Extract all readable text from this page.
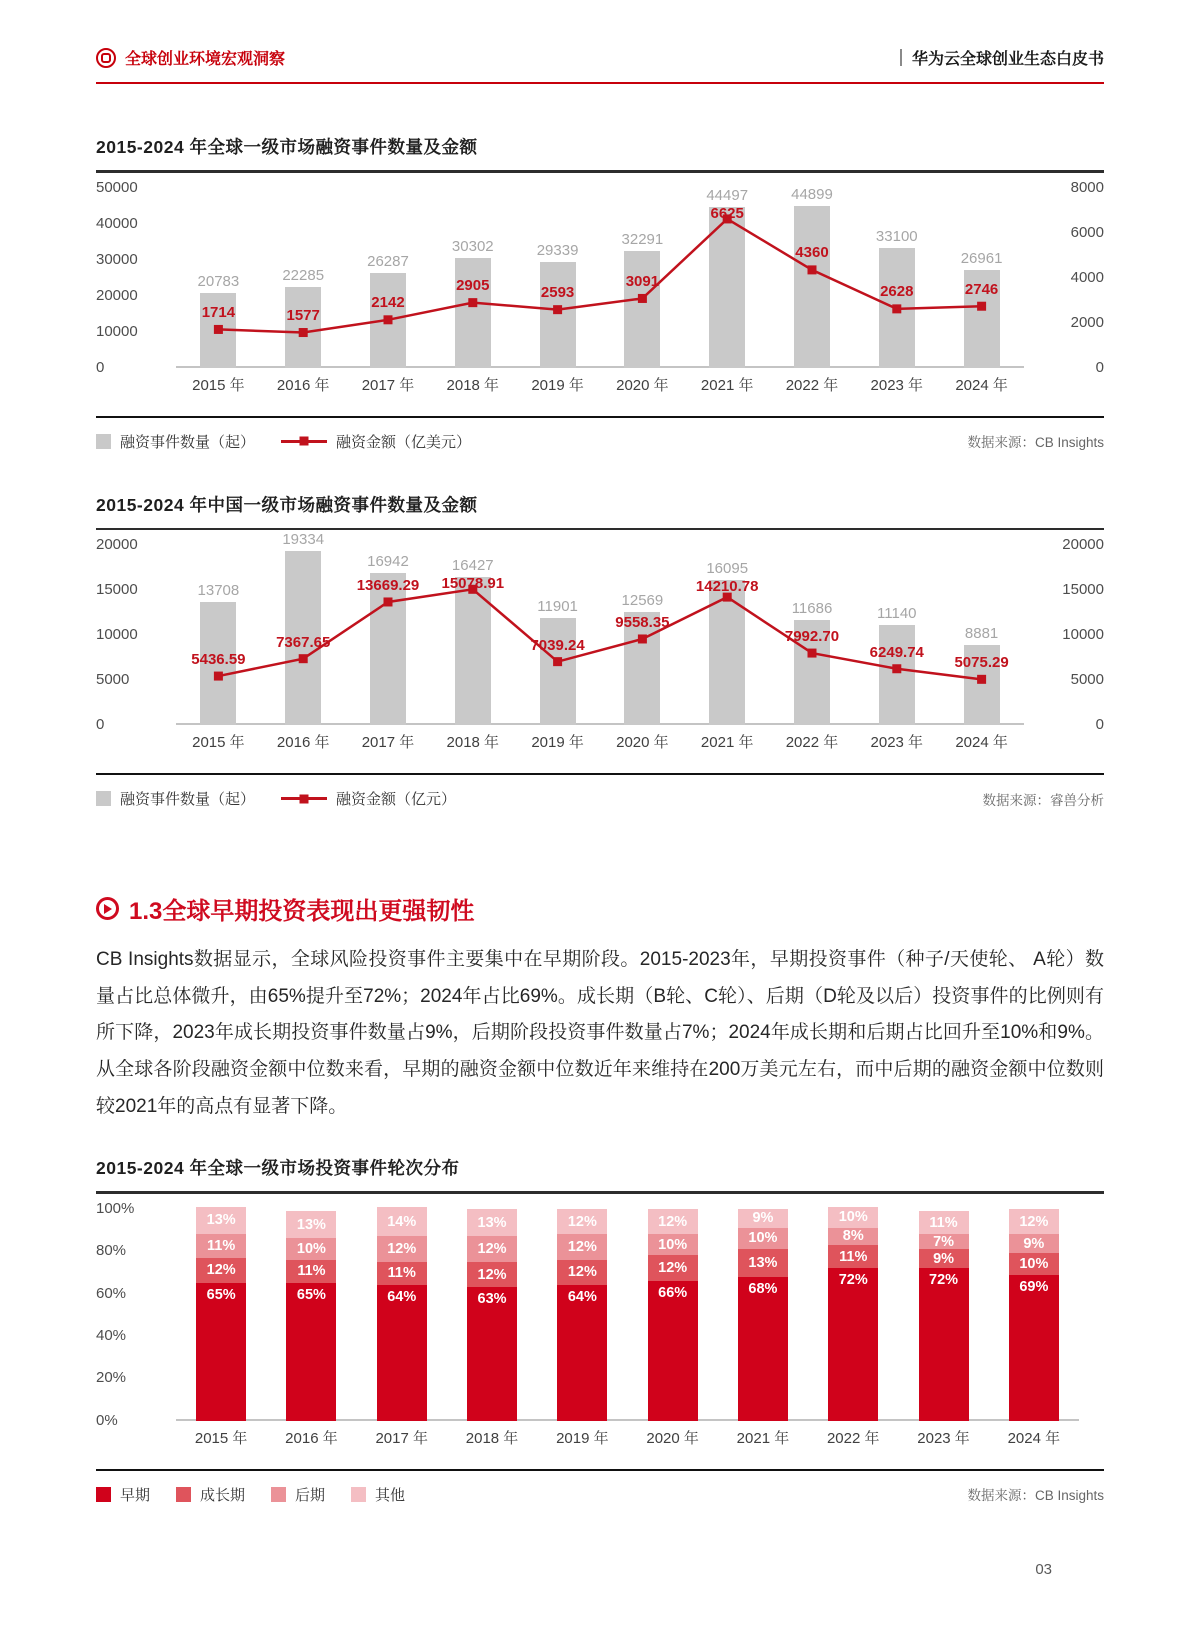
全球创业环境宏观洞察	华为云全球创业生态白皮书
2015-2024 年全球一级市场融资事件数量及金额
0
10000
20000
30000
40000
50000
0
2000
4000
6000
8000
20783	22285
26287
30302	29339
32291
44497	44899
33100
26961
1714	1577
2142
2905	2593
3091
6625
4360
2628	2746
2015 年	2016 年	2017 年	2018 年	2019 年	2020 年	2021 年	2022 年	2023 年	2024 年
融资事件数量（起）	融资金额（亿美元）	数据来源：CB Insights
2015-2024 年中国一级市场融资事件数量及金额
0
5000
10000
15000
20000
0
5000
10000
15000
20000
13708
19334
16942	16427
11901	12569
16095
11686	11140
8881
5436.59
7367.65
13669.29	15078.91
7039.24
9558.35
14210.78
7992.70
6249.74
5075.29
2015 年	2016 年	2017 年	2018 年	2019 年	2020 年	2021 年	2022 年	2023 年	2024 年
融资事件数量（起）	融资金额（亿元）	数据来源：睿兽分析
1.3全球早期投资表现出更强韧性

CB Insights数据显示，全球风险投资事件主要集中在早期阶段。2015-2023年，早期投资事件（种子/天使轮、 A轮）数量占比总体微升，由65%提升至72%；2024年占比69%。成长期（B轮、C轮）、后期（D轮及以后）投资事件的比例则有所下降，2023年成长期投资事件数量占9%，后期阶段投资事件数量占7%；2024年成长期和后期占比回升至10%和9%。从全球各阶段融资金额中位数来看，早期的融资金额中位数近年来维持在200万美元左右，而中后期的融资金额中位数则较2021年的高点有显著下降。

2015-2024 年全球一级市场投资事件轮次分布
0%
20%
40%
60%
80%
100%
65%
12%
11%
13%
2015 年
65%
11%
10%
13%
2016 年
64%
11%
12%
14%
2017 年
63%
12%
12%
13%
2018 年
64%
12%
12%
12%
2019 年
66%
12%
10%
12%
2020 年
68%
13%
10%
9%
2021 年
72%
11%
8%
10%
2022 年
72%
9%
7%
11%
2023 年
69%
10%
9%
12%
2024 年
早期	成长期	后期	其他	数据来源：CB Insights
03
